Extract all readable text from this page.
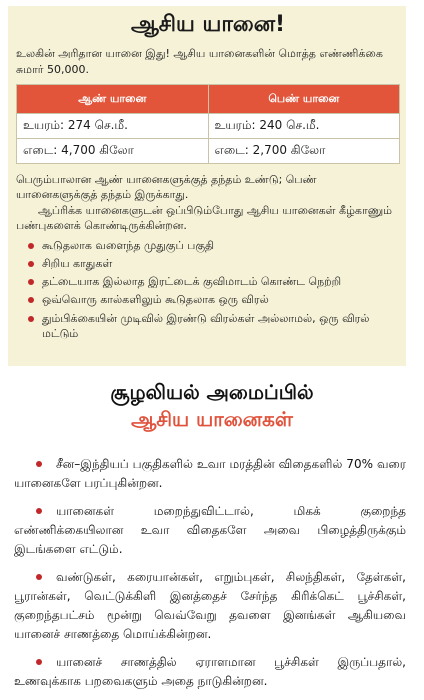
ஆசிய யானை!

உலகின் அரிதான யானை இது! ஆசிய யானைகளின் மொத்த எண்ணிக்கை சுமார் 50,000.

ஆண் யானை	பெண் யானை
உயரம்: 274 செ.மீ.	உயரம்: 240 செ.மீ.
எடை: 4,700 கிலோ	எடை: 2,700 கிலோ

பெரும்பாலான ஆண் யானைகளுக்குத் தந்தம் உண்டு; பெண் யானைகளுக்குத் தந்தம் இருக்காது.

ஆப்ரிக்க யானைகளுடன் ஒப்பிடும்போது ஆசிய யானைகள் கீழ்காணும் பண்புகளைக் கொண்டிருக்கின்றன.

கூடுதலாக வளைந்த முதுகுப் பகுதி
சிறிய காதுகள்
தட்டையாக இல்லாத இரட்டைக் குவிமாடம் கொண்ட நெற்றி
ஒவ்வொரு கால்களிலும் கூடுதலாக ஒரு விரல்
தும்பிக்கையின் முடிவில் இரண்டு விரல்கள் அல்லாமல், ஒரு விரல் மட்டும்
சூழலியல் அமைப்பில்
ஆசிய யானைகள்

சீன–இந்தியப் பகுதிகளில் உவா மரத்தின் விதைகளில் 70% வரை யானைகளே பரப்புகின்றன.

யானைகள் மறைந்துவிட்டால், மிகக் குறைந்த எண்ணிக்கையிலான உவா விதைகளே அவை பிழைத்திருக்கும் இடங்களை எட்டும்.

வண்டுகள், கரையான்கள், எறும்புகள், சிலந்திகள், தேள்கள், பூரான்கள், வெட்டுக்கிளி இனத்தைச் சேர்ந்த கிரிக்கெட் பூச்சிகள், குறைந்தபட்சம் மூன்று வெவ்வேறு தவளை இனங்கள் ஆகியவை யானைச் சாணத்தை மொய்க்கின்றன.

யானைச் சாணத்தில் ஏராளமான பூச்சிகள் இருப்பதால், உணவுக்காக பறவைகளும் அதை நாடுகின்றன.
